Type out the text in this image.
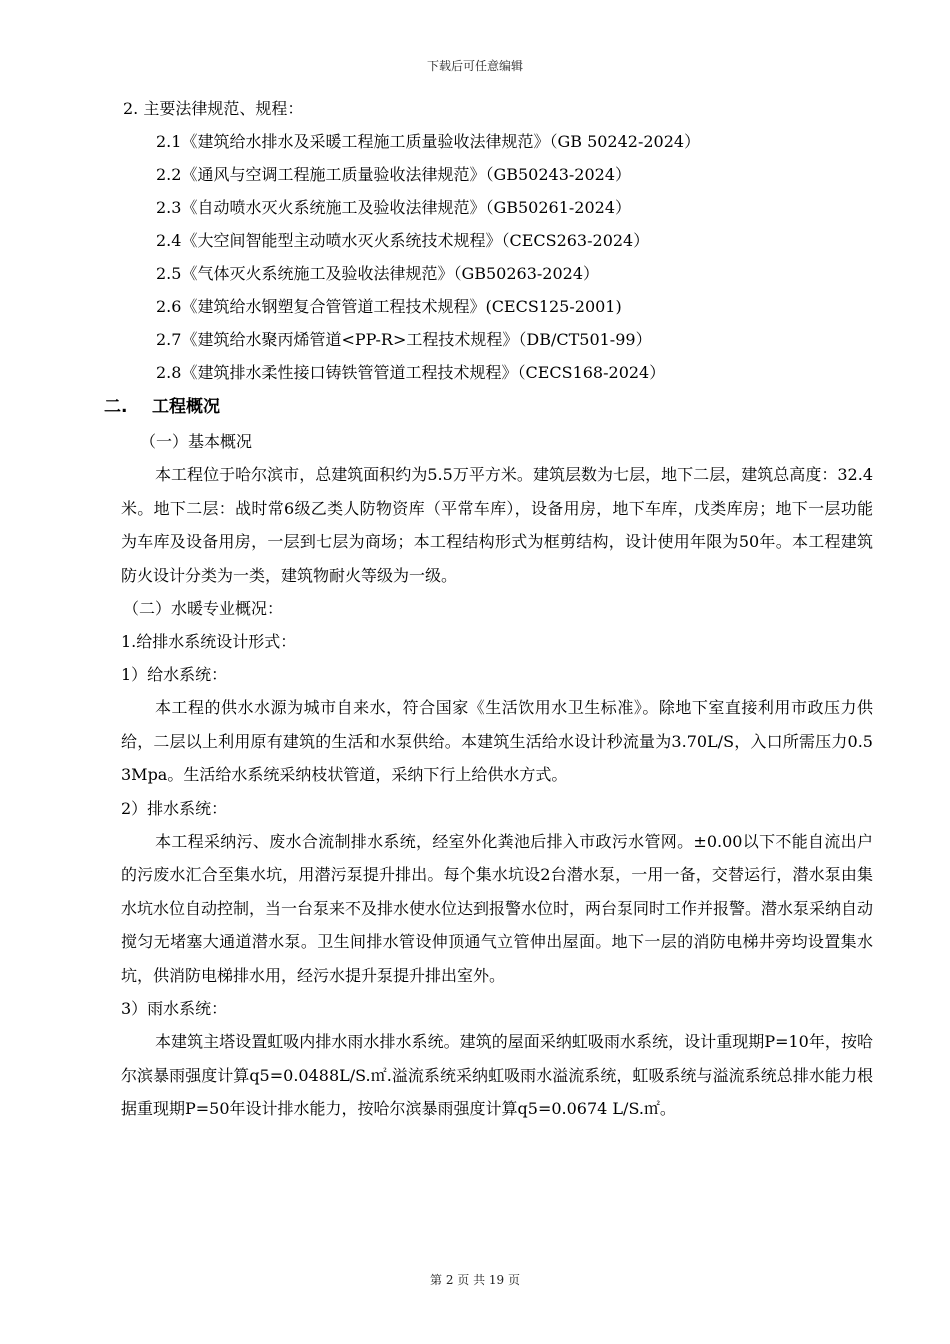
下载后可任意编辑
2. 主要法律规范、规程：
2.1《建筑给水排水及采暖工程施工质量验收法律规范》（GB 50242-2024）
2.2《通风与空调工程施工质量验收法律规范》（GB50243-2024）
2.3《自动喷水灭火系统施工及验收法律规范》（GB50261-2024）
2.4《大空间智能型主动喷水灭火系统技术规程》（CECS263-2024）
2.5《气体灭火系统施工及验收法律规范》（GB50263-2024）
2.6《建筑给水钢塑复合管管道工程技术规程》(CECS125-2001)
2.7《建筑给水聚丙烯管道<PP-R>工程技术规程》（DB/CT501-99）
2.8《建筑排水柔性接口铸铁管管道工程技术规程》（CECS168-2024）
二. 工程概况
（一）基本概况
本工程位于哈尔滨市，总建筑面积约为5.5万平方米。建筑层数为七层，地下二层，建筑总高度：32.4米。地下二层：战时常6级乙类人防物资库（平常车库），设备用房，地下车库，戊类库房；地下一层功能为车库及设备用房，一层到七层为商场；本工程结构形式为框剪结构，设计使用年限为50年。本工程建筑防火设计分类为一类，建筑物耐火等级为一级。
（二）水暖专业概况：
1.给排水系统设计形式：
1）给水系统：
本工程的供水水源为城市自来水，符合国家《生活饮用水卫生标准》。除地下室直接利用市政压力供给，二层以上利用原有建筑的生活和水泵供给。本建筑生活给水设计秒流量为3.70L/S，入口所需压力0.53Mpa。生活给水系统采纳枝状管道，采纳下行上给供水方式。
2）排水系统：
本工程采纳污、废水合流制排水系统，经室外化粪池后排入市政污水管网。±0.00以下不能自流出户的污废水汇合至集水坑，用潜污泵提升排出。每个集水坑设2台潜水泵，一用一备，交替运行，潜水泵由集水坑水位自动控制，当一台泵来不及排水使水位达到报警水位时，两台泵同时工作并报警。潜水泵采纳自动搅匀无堵塞大通道潜水泵。卫生间排水管设伸顶通气立管伸出屋面。地下一层的消防电梯井旁均设置集水坑，供消防电梯排水用，经污水提升泵提升排出室外。
3）雨水系统：
本建筑主塔设置虹吸内排水雨水排水系统。建筑的屋面采纳虹吸雨水系统，设计重现期P=10年，按哈尔滨暴雨强度计算q5=0.0488L/S.㎡.溢流系统采纳虹吸雨水溢流系统，虹吸系统与溢流系统总排水能力根据重现期P=50年设计排水能力，按哈尔滨暴雨强度计算q5=0.0674 L/S.㎡。
第 2 页 共 19 页
